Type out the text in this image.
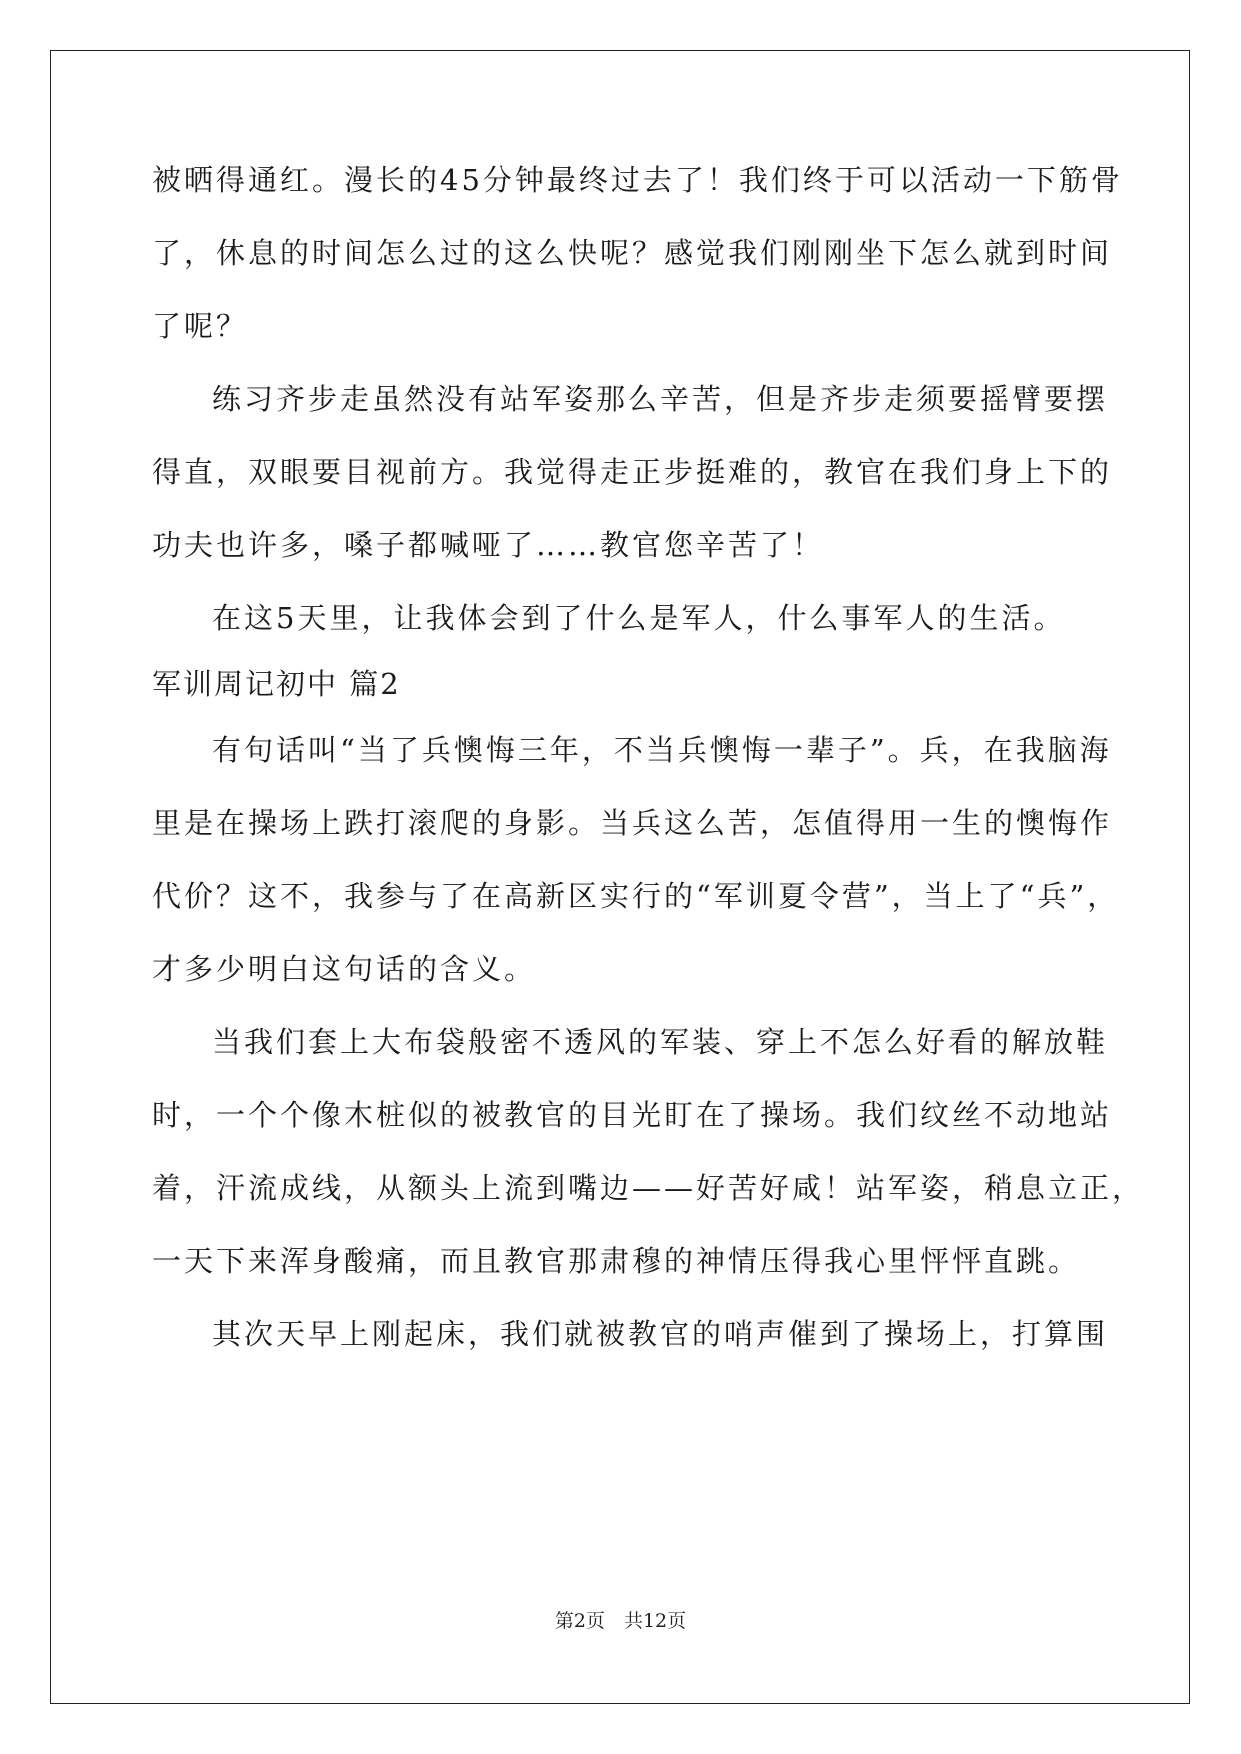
被晒得通红。漫长的45分钟最终过去了！我们终于可以活动一下筋骨
了，休息的时间怎么过的这么快呢？感觉我们刚刚坐下怎么就到时间
了呢？
练习齐步走虽然没有站军姿那么辛苦，但是齐步走须要摇臂要摆
得直，双眼要目视前方。我觉得走正步挺难的，教官在我们身上下的
功夫也许多，嗓子都喊哑了……教官您辛苦了！
在这5天里，让我体会到了什么是军人，什么事军人的生活。
军训周记初中 篇2
有句话叫“当了兵懊悔三年，不当兵懊悔一辈子”。兵，在我脑海
里是在操场上跌打滚爬的身影。当兵这么苦，怎值得用一生的懊悔作
代价？这不，我参与了在高新区实行的“军训夏令营”，当上了“兵”，
才多少明白这句话的含义。
当我们套上大布袋般密不透风的军装、穿上不怎么好看的解放鞋
时，一个个像木桩似的被教官的目光盯在了操场。我们纹丝不动地站
着，汗流成线，从额头上流到嘴边——好苦好咸！站军姿，稍息立正，
一天下来浑身酸痛，而且教官那肃穆的神情压得我心里怦怦直跳。
其次天早上刚起床，我们就被教官的哨声催到了操场上，打算围
第2页　共12页
